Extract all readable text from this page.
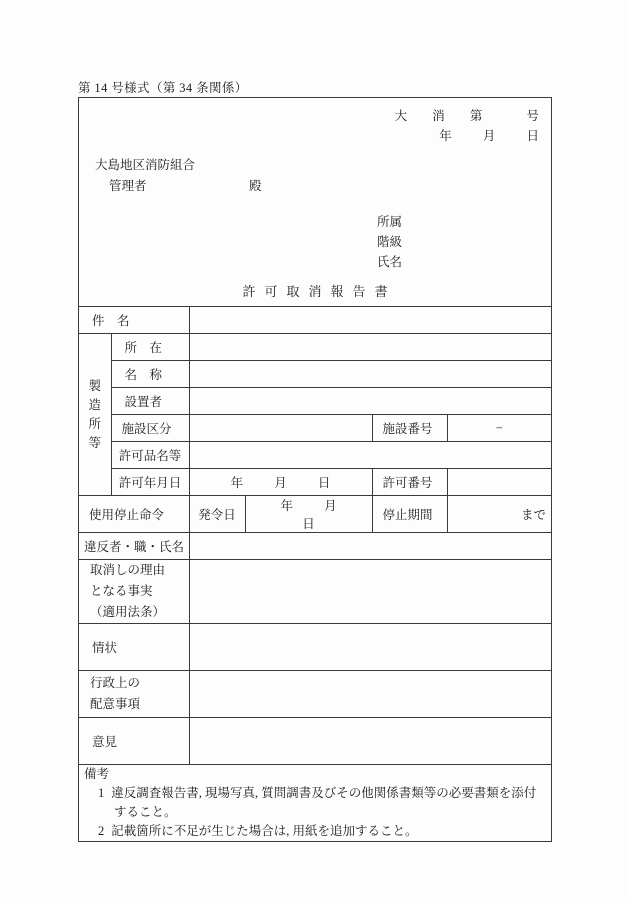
第 14 号様式（第 34 条関係）
大 消 第	号
年 月 日
大島地区消防組合
管理者	殿
所属
階級
氏名
許可取消報告書
件　名					

製
造
所
等	所　在				

名　称				

設置者				

施設区分			施設番号	−
	許可品名等				
	許可年月日	年 月 日		許可番号	

使用停止命令		発令日	年 月 日	停止期間	まで
違反者・職・氏名					

取消しの理由
となる事実
（適用法条）					

情状					

行政上の
配意事項					

意見					

備考
1 違反調査報告書, 現場写真, 質問調書及びその他関係書類等の必要書類を添付すること。
2 記載箇所に不足が生じた場合は, 用紙を追加すること。
